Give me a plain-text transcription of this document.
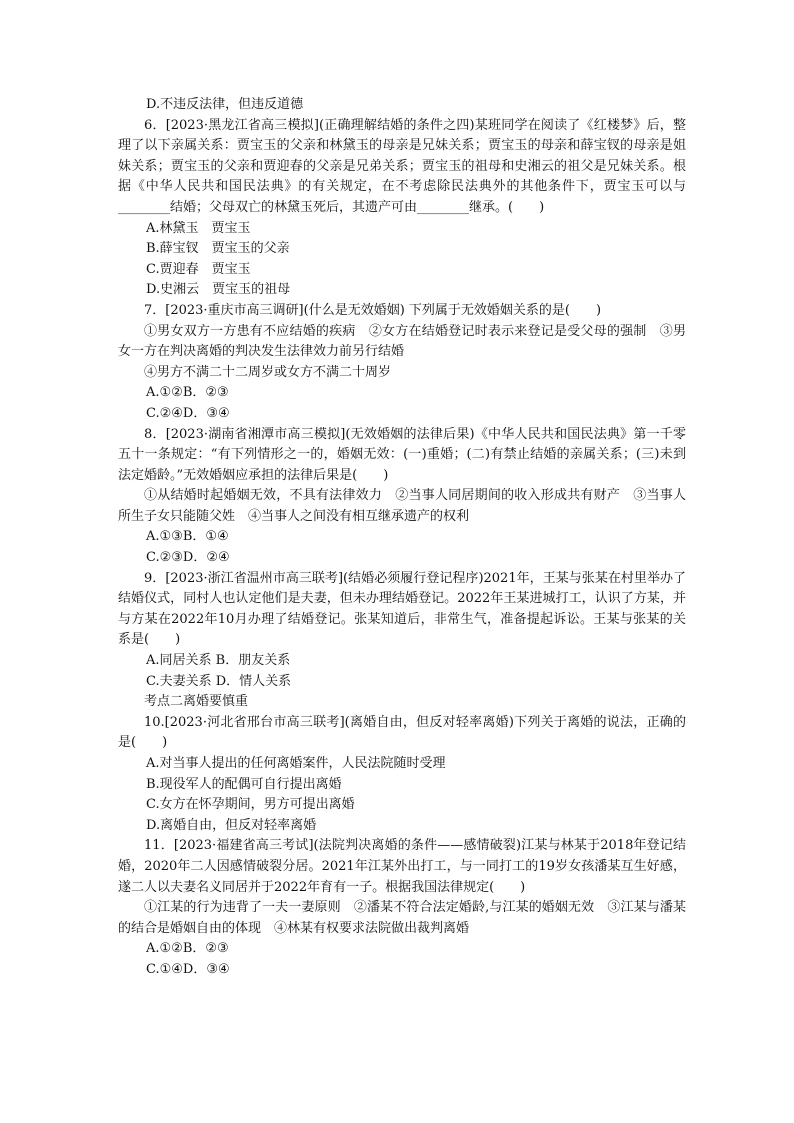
D.不违反法律，但违反道德

6．[2023·黑龙江省高三模拟](正确理解结婚的条件之四)某班同学在阅读了《红楼梦》后，整理了以下亲属关系：贾宝玉的父亲和林黛玉的母亲是兄妹关系；贾宝玉的母亲和薛宝钗的母亲是姐妹关系；贾宝玉的父亲和贾迎春的父亲是兄弟关系；贾宝玉的祖母和史湘云的祖父是兄妹关系。根据《中华人民共和国民法典》的有关规定，在不考虑除民法典外的其他条件下，贾宝玉可以与________结婚；父母双亡的林黛玉死后，其遗产可由________继承。(　　)

A.林黛玉　贾宝玉

B.薛宝钗　贾宝玉的父亲

C.贾迎春　贾宝玉

D.史湘云　贾宝玉的祖母

7．[2023·重庆市高三调研](什么是无效婚姻) 下列属于无效婚姻关系的是(　　)

①男女双方一方患有不应结婚的疾病　②女方在结婚登记时表示来登记是受父母的强制　③男女一方在判决离婚的判决发生法律效力前另行结婚

④男方不满二十二周岁或女方不满二十周岁

A.①②B．②③

C.②④D．③④

8．[2023·湖南省湘潭市高三模拟](无效婚姻的法律后果)《中华人民共和国民法典》第一千零五十一条规定：“有下列情形之一的，婚姻无效：(一)重婚；(二)有禁止结婚的亲属关系；(三)未到法定婚龄。”无效婚姻应承担的法律后果是(　　)

①从结婚时起婚姻无效，不具有法律效力　②当事人同居期间的收入形成共有财产　③当事人所生子女只能随父姓　④当事人之间没有相互继承遗产的权利

A.①③B．①④

C.②③D．②④

9．[2023·浙江省温州市高三联考](结婚必须履行登记程序)2021年，王某与张某在村里举办了结婚仪式，同村人也认定他们是夫妻，但未办理结婚登记。2022年王某进城打工，认识了方某，并与方某在2022年10月办理了结婚登记。张某知道后，非常生气，准备提起诉讼。王某与张某的关系是(　　)

A.同居关系 B．朋友关系

C.夫妻关系 D．情人关系

考点二离婚要慎重

10.[2023·河北省邢台市高三联考](离婚自由，但反对轻率离婚)下列关于离婚的说法，正确的是(　　)

A.对当事人提出的任何离婚案件，人民法院随时受理

B.现役军人的配偶可自行提出离婚

C.女方在怀孕期间，男方可提出离婚

D.离婚自由，但反对轻率离婚

11．[2023·福建省高三考试](法院判决离婚的条件——感情破裂)江某与林某于2018年登记结婚，2020年二人因感情破裂分居。2021年江某外出打工，与一同打工的19岁女孩潘某互生好感，遂二人以夫妻名义同居并于2022年育有一子。根据我国法律规定(　　)

①江某的行为违背了一夫一妻原则　②潘某不符合法定婚龄,与江某的婚姻无效　③江某与潘某的结合是婚姻自由的体现　④林某有权要求法院做出裁判离婚

A.①②B．②③

C.①④D．③④
